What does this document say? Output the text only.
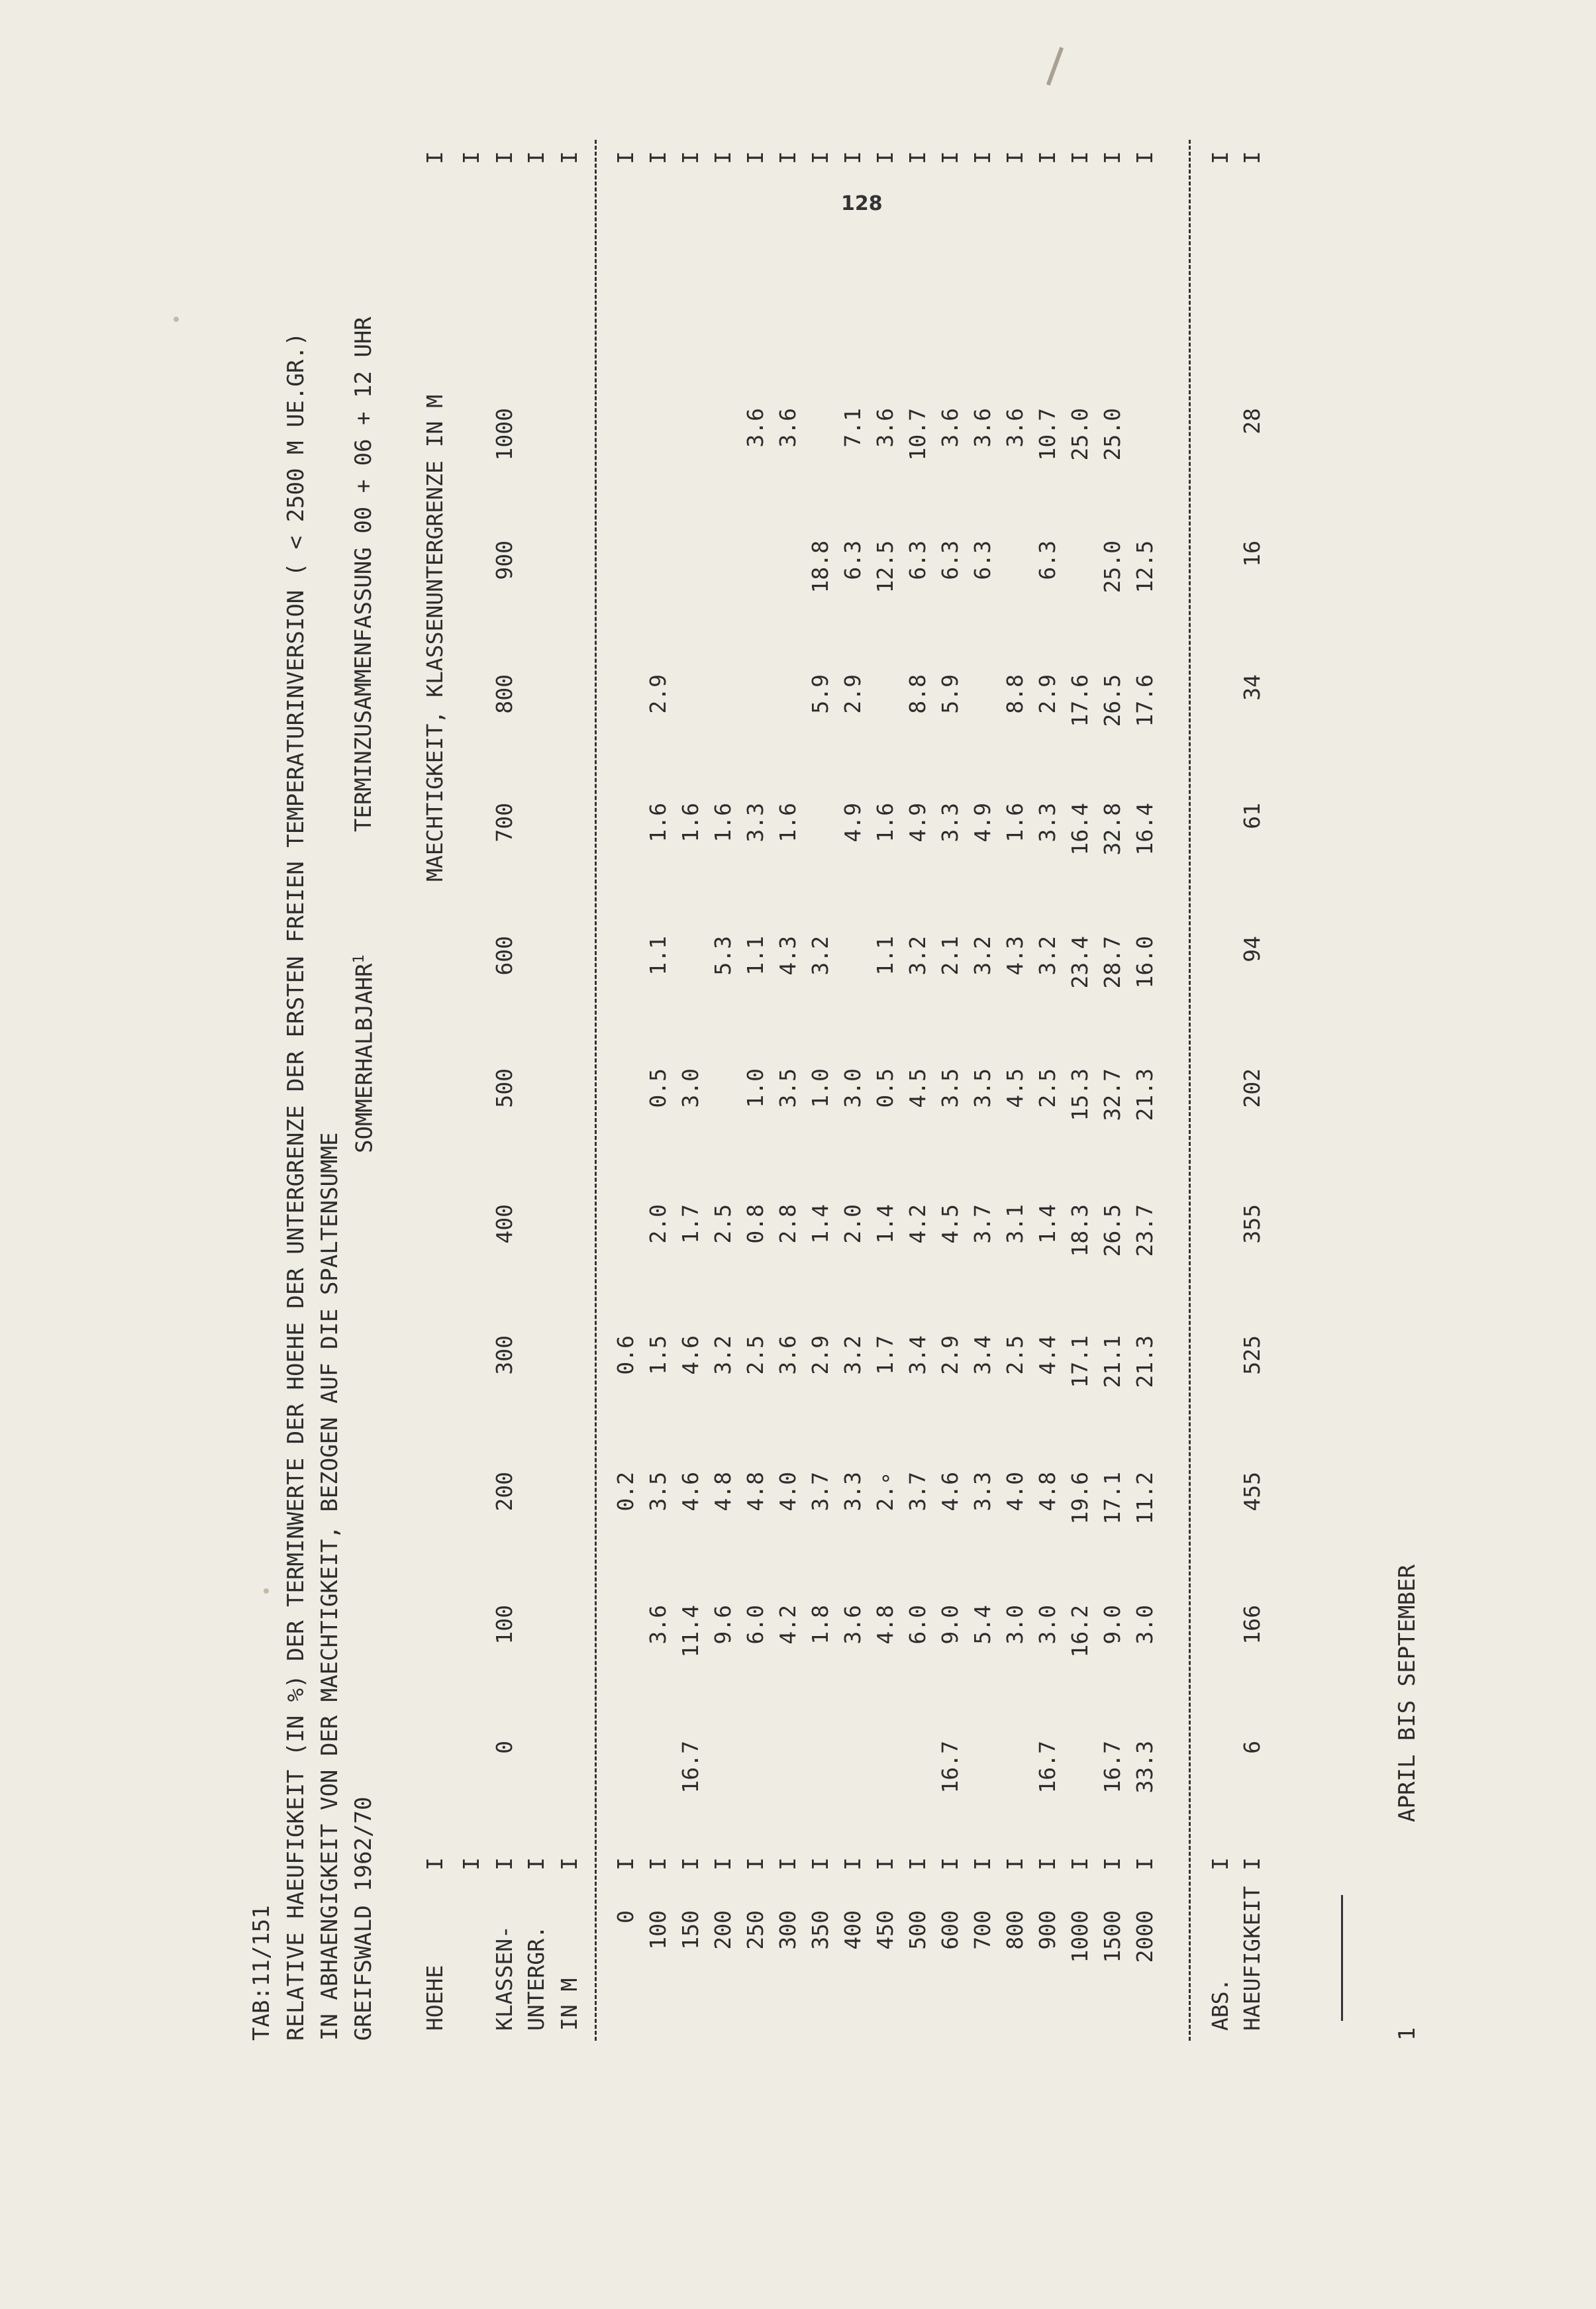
128
TAB:11/151 RELATIVE HAEUFIGKEIT (IN %) DER TERMINWERTE DER HOEHE DER UNTERGRENZE DER ERSTEN FREIEN TEMPERATURINVERSION ( < 2500 M UE.GR.) IN ABHAENGIGKEIT VON DER MAECHTIGKEIT, BEZOGEN AUF DIE SPALTENSUMME GREIFSWALD 1962/70
SOMMERHALBJAHR$^1$
TERMINZUSAMMENFASSUNG 00 + 06 + 12 UHR
HOEHE
MAECHTIGKEIT, KLASSENUNTERGRENZE IN M
KLASSEN- UNTERGR. IN M	ABS. HAEUFIGKEIT
1
APRIL BIS SEPTEMBER
I
I
I
I
I
I
I
I
I
I
0
100
200
300
400
500
600
700
800
900
1000
0
I
0.2
0.6
I
100
I
3.6
3.5
1.5
2.0
0.5
1.1
1.6
2.9
I
150
I
16.7
11.4
4.6
4.6
1.7
3.0
1.6
I
200
I
9.6
4.8
3.2
2.5
5.3
1.6
I
250
I
6.0
4.8
2.5
0.8
1.0
1.1
3.3
3.6
I
300
I
4.2
4.0
3.6
2.8
3.5
4.3
1.6
3.6
I
350
I
1.8
3.7
2.9
1.4
1.0
3.2
5.9
18.8
I
400
I
3.6
3.3
3.2
2.0
3.0
4.9
2.9
6.3
7.1
I
450
I
4.8
2.∘
1.7
1.4
0.5
1.1
1.6
12.5
3.6
I
500
I
6.0
3.7
3.4
4.2
4.5
3.2
4.9
8.8
6.3
10.7
I
600
I
16.7
9.0
4.6
2.9
4.5
3.5
2.1
3.3
5.9
6.3
3.6
I
700
I
5.4
3.3
3.4
3.7
3.5
3.2
4.9
6.3
3.6
I
800
I
3.0
4.0
2.5
3.1
4.5
4.3
1.6
8.8
3.6
I
900
I
16.7
3.0
4.8
4.4
1.4
2.5
3.2
3.3
2.9
6.3
10.7
I
1000
I
16.2
19.6
17.1
18.3
15.3
23.4
16.4
17.6
25.0
I
1500
I
16.7
9.0
17.1
21.1
26.5
32.7
28.7
32.8
26.5
25.0
25.0
I
2000
I
33.3
3.0
11.2
21.3
23.7
21.3
16.0
16.4
17.6
12.5
I
I
I
I
I
6
166
455
525
355
202
94
61
34
16
28
